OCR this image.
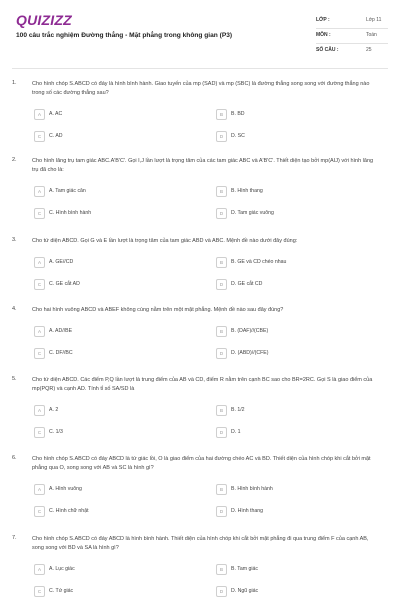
QUIZIZZ
100 câu trắc nghiệm Đường thẳng - Mặt phẳng trong không gian (P3)
LỚP :	Lớp 11
MÔN :	Toán
SỐ CÂU :	25
1.	Cho hình chóp S.ABCD có đáy là hình bình hành. Giao tuyến của mp (SAD) và mp (SBC) là đường thẳng song song với đường thẳng nào trong số các đường thẳng sau?
A	A. AC	B	B. BD
C	C. AD	D	D. SC
2.	Cho hình lăng trụ tam giác ABC.A'B'C'. Gọi I,J lần lượt là trọng tâm của các tam giác ABC và A'B'C'. Thiết diện tạo bởi mp(AIJ) với hình lăng trụ đã cho là:
A	A. Tam giác cân	B	B. Hình thang
C	C. Hình bình hành	D	D. Tam giác vuông
3.	Cho tứ diện ABCD. Gọi G và E lần lượt là trọng tâm của tam giác ABD và ABC. Mệnh đề nào dưới đây đúng:
A	A. GE//CD	B	B. GE và CD chéo nhau
C	C. GE cắt AD	D	D. GE cắt CD
4.	Cho hai hình vuông ABCD và ABEF không cùng nằm trên một mặt phẳng. Mệnh đề nào sau đây đúng?
A	A. AD//BE	B	B. (DAF)//(CBE)
C	C. DF//BC	D	D. (ABD)//(CFE)
5.	Cho tứ diện ABCD. Các điểm P,Q lần lượt là trung điểm của AB và CD, điểm R nằm trên cạnh BC sao cho BR=2RC. Gọi S là giao điểm của mp(PQR) và cạnh AD. Tính tỉ số SA/SD là
A	A. 2	B	B. 1/2
C	C. 1/3	D	D. 1
6.	Cho hình chóp S.ABCD có đáy ABCD là tứ giác lồi, O là giao điểm của hai đường chéo AC và BD. Thiết diện của hình chóp khi cắt bởi mặt phẳng qua O, song song với AB và SC là hình gì?
A	A. Hình vuông	B	B. Hình bình hành
C	C. Hình chữ nhật	D	D. Hình thang
7.	Cho hình chóp S.ABCD có đáy ABCD là hình bình hành. Thiết diện của hình chóp khi cắt bởi mặt phẳng đi qua trung điểm F của cạnh AB, song song với BD và SA là hình gì?
A	A. Lục giác	B	B. Tam giác
C	C. Tứ giác	D	D. Ngũ giác
